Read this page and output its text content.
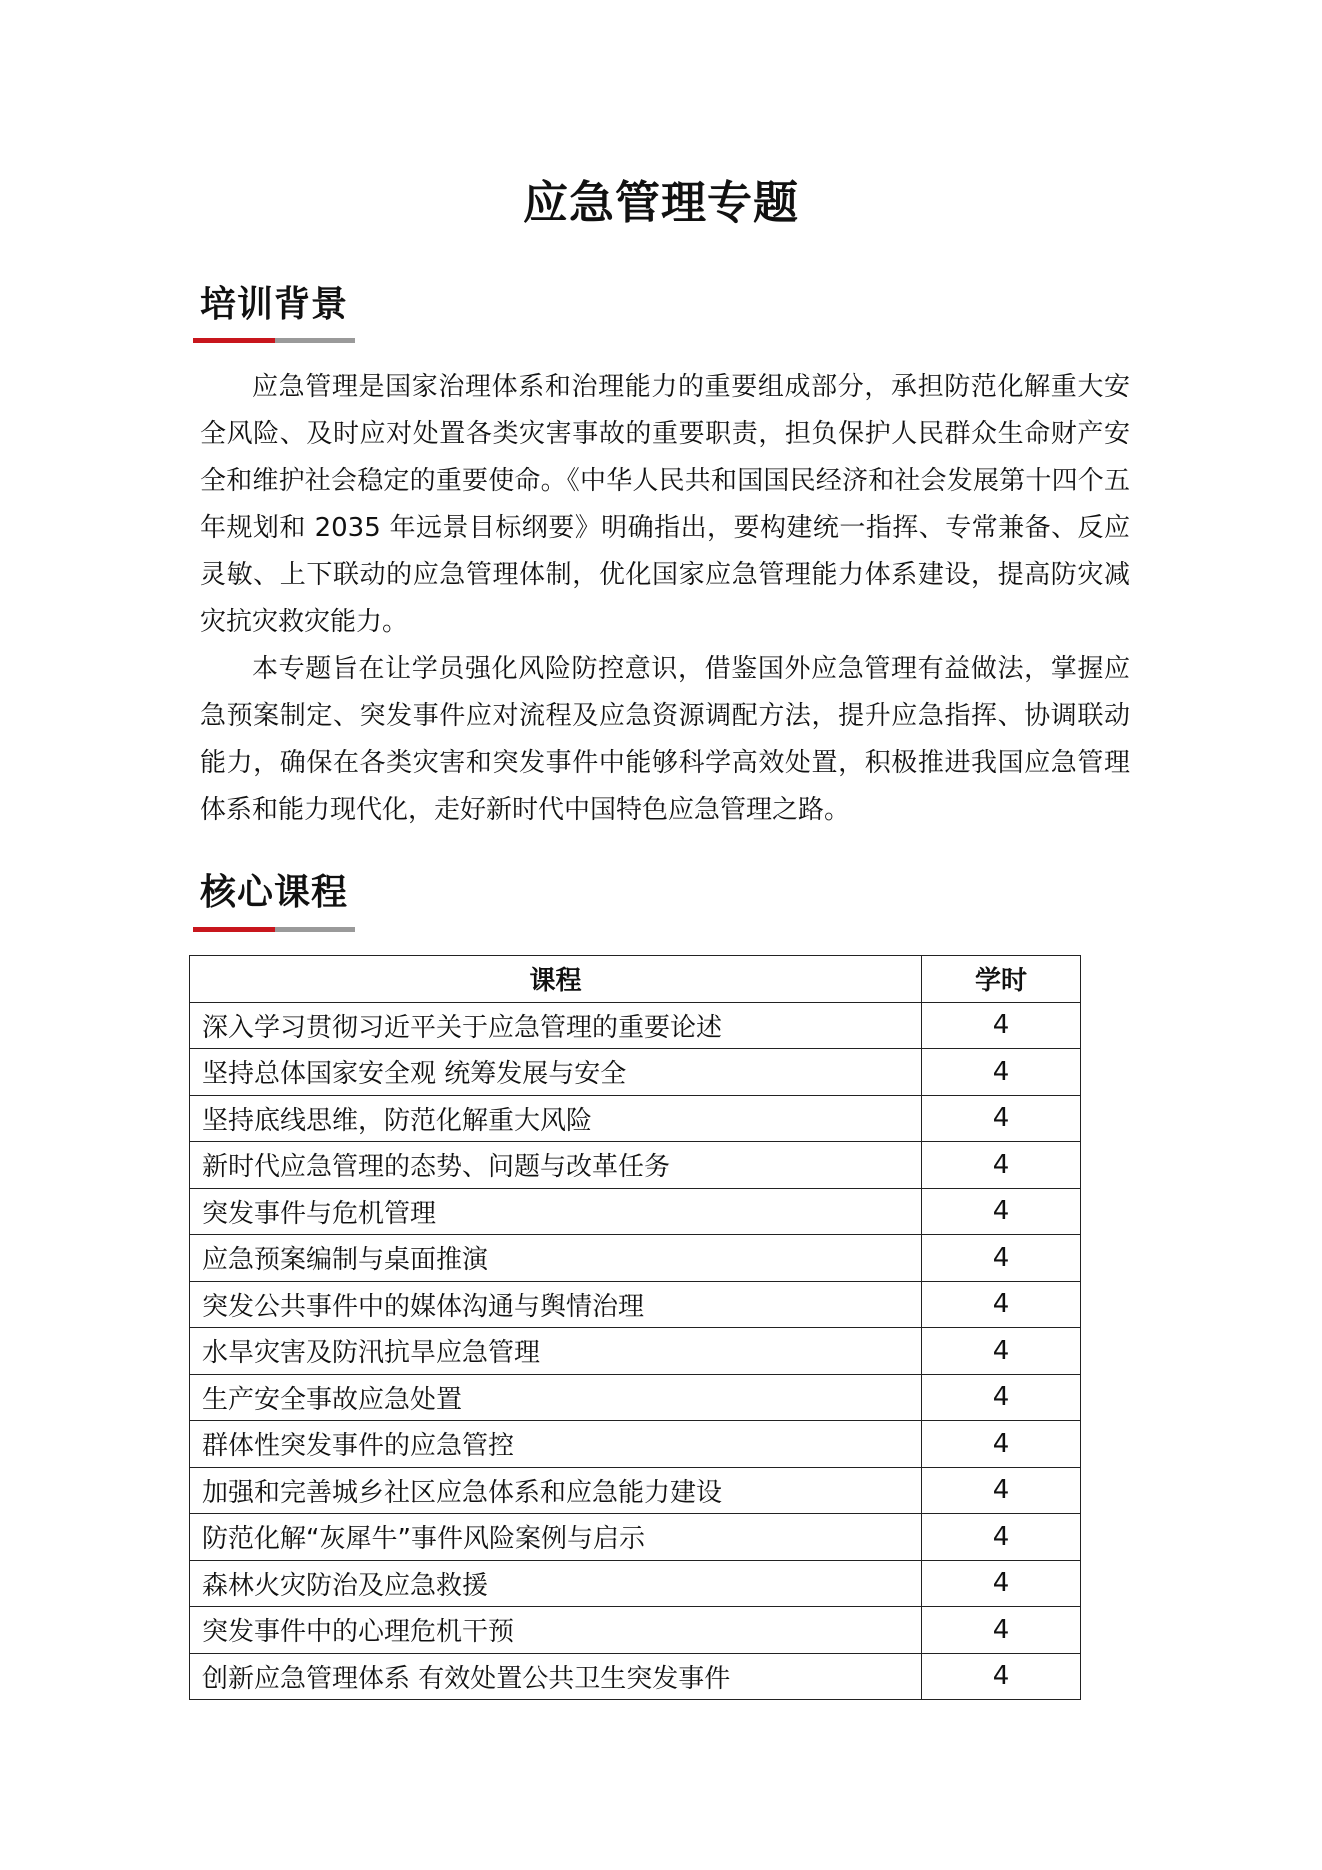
应急管理专题
培训背景

应急管理是国家治理体系和治理能力的重要组成部分，承担防范化解重大安全风险、及时应对处置各类灾害事故的重要职责，担负保护人民群众生命财产安全和维护社会稳定的重要使命。《中华人民共和国国民经济和社会发展第十四个五年规划和 2035 年远景目标纲要》明确指出，要构建统一指挥、专常兼备、反应灵敏、上下联动的应急管理体制，优化国家应急管理能力体系建设，提高防灾减灾抗灾救灾能力。

本专题旨在让学员强化风险防控意识，借鉴国外应急管理有益做法，掌握应急预案制定、突发事件应对流程及应急资源调配方法，提升应急指挥、协调联动能力，确保在各类灾害和突发事件中能够科学高效处置，积极推进我国应急管理体系和能力现代化，走好新时代中国特色应急管理之路。

核心课程
课程	学时
深入学习贯彻习近平关于应急管理的重要论述	4
坚持总体国家安全观 统筹发展与安全	4
坚持底线思维，防范化解重大风险	4
新时代应急管理的态势、问题与改革任务	4
突发事件与危机管理	4
应急预案编制与桌面推演	4
突发公共事件中的媒体沟通与舆情治理	4
水旱灾害及防汛抗旱应急管理	4
生产安全事故应急处置	4
群体性突发事件的应急管控	4
加强和完善城乡社区应急体系和应急能力建设	4
防范化解“灰犀牛”事件风险案例与启示	4
森林火灾防治及应急救援	4
突发事件中的心理危机干预	4
创新应急管理体系 有效处置公共卫生突发事件	4
